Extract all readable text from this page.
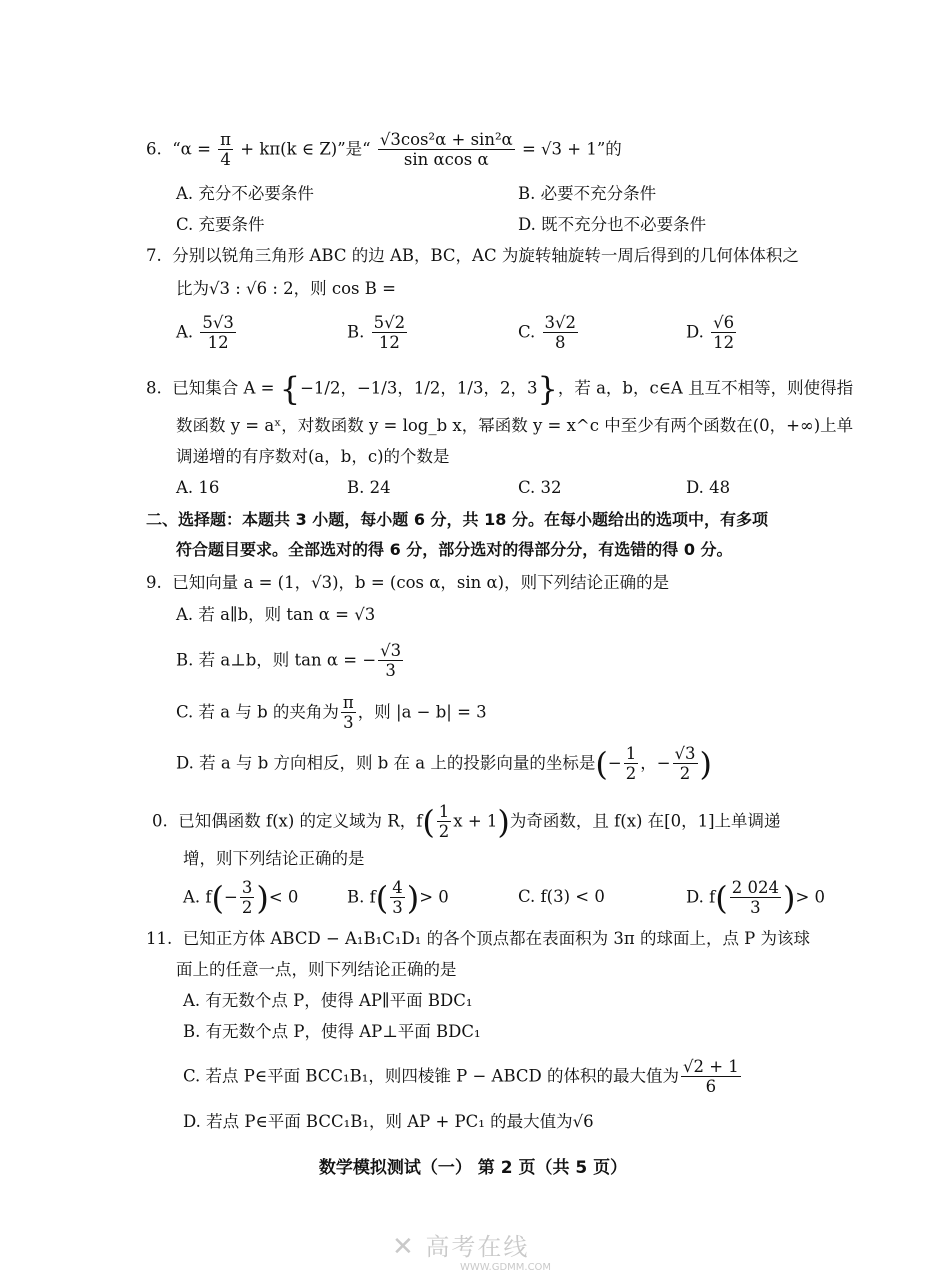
6. “$\alpha = \frac{\pi}{4} + k\pi(k$ ∈ Z)”是“ $\frac{\text{√3cos²α + sin²α}}{\text{sin αcos α}} = √3 + 1$”的
A. 充分不必要条件	B. 必要不充分条件
C. 充要条件	D. 既不充分也不必要条件
7. 分别以锐角三角形 ABC 的边 AB，BC，AC 为旋转轴旋转一周后得到的几何体体积之
比为√3 : √6 : 2，则 cos B =
A. $\frac{5√3}{12}$	B. $\frac{5√2}{12}$	C. $\frac{3√2}{8}$	D. $\frac{√6}{12}$
8. 已知集合 A = {−1/2，−1/3，1/2，1/3，2，3}，若 a，b，c∈A 且互不相等，则使得指
数函数 y = aˣ，对数函数 y = log_b x，幂函数 y = x^c 中至少有两个函数在(0，+∞)上单
调递增的有序数对(a，b，c)的个数是
A. 16	B. 24	C. 32	D. 48
二、选择题：本题共 3 小题，每小题 6 分，共 18 分。在每小题给出的选项中，有多项
符合题目要求。全部选对的得 6 分，部分选对的得部分分，有选错的得 0 分。
9. 已知向量 a = (1，√3)，b = (cos α，sin α)，则下列结论正确的是
A. 若 a∥b，则 tan α = √3
B. 若 a⊥b，则 tan α = − $\frac{√3}{3}$
C. 若 a 与 b 的夹角为 $\frac{\pi}{3}$ ，则 |a − b| = 3
D. 若 a 与 b 方向相反，则 b 在 a 上的投影向量的坐标是(− $\frac{1}{2}$ ，− $\frac{√3}{2}$ )
0. 已知偶函数 f(x) 的定义域为 R，$f( \frac{1}{2}$ x + 1)为奇函数，且 f(x) 在[0，1]上单调递
增，则下列结论正确的是
A. $f(- \frac{3}{2}$ )< 0	B. $f( \frac{4}{3}$ )> 0	C. f(3) < 0	D. $f( \frac{2 024}{3}$ )> 0
11. 已知正方体 ABCD − A₁B₁C₁D₁ 的各个顶点都在表面积为 3π 的球面上，点 P 为该球
面上的任意一点，则下列结论正确的是
A. 有无数个点 P，使得 AP∥平面 BDC₁
B. 有无数个点 P，使得 AP⊥平面 BDC₁
C. 若点 P∈平面 BCC₁B₁，则四棱锥 P − ABCD 的体积的最大值为 $\frac{√2 + 1}{6}$
D. 若点 P∈平面 BCC₁B₁，则 AP + PC₁ 的最大值为√6
数学模拟测试（一） 第 2 页（共 5 页）
✕ 高考在线
WWW.GDMM.COM
